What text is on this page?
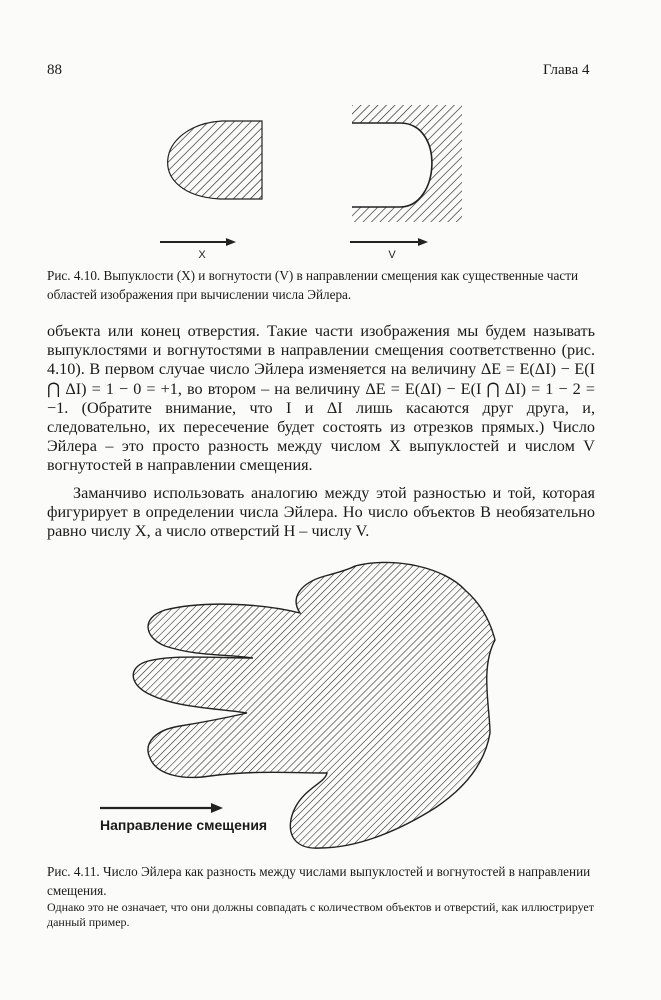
88	Глава 4
X	V
Рис. 4.10. Выпуклости (X) и вогнутости (V) в направлении смещения как существенные части областей изображения при вычислении числа Эйлера.

объекта или конец отверстия. Такие части изображения мы будем называть выпуклостями и вогнутостями в направлении смещения соответственно (рис. 4.10). В первом случае число Эйлера изменяется на величину ΔE = E(ΔI) − E(I ⋂ ΔI) = 1 − 0 = +1, во втором – на величину ΔE = E(ΔI) − E(I ⋂ ΔI) = 1 − 2 = −1. (Обратите внимание, что I и ΔI лишь касаются друг друга, и, следовательно, их пересечение будет состоять из отрезков прямых.) Число Эйлера – это просто разность между числом X выпуклостей и числом V вогнутостей в направлении смещения.

Заманчиво использовать аналогию между этой разностью и той, которая фигурирует в определении числа Эйлера. Но число объектов B необязательно равно числу X, а число отверстий H – числу V.

Направление смещения
Рис. 4.11. Число Эйлера как разность между числами выпуклостей и вогнутостей в направлении смещения.
Однако это не означает, что они должны совпадать с количеством объектов и отверстий, как иллюстрирует данный пример.
